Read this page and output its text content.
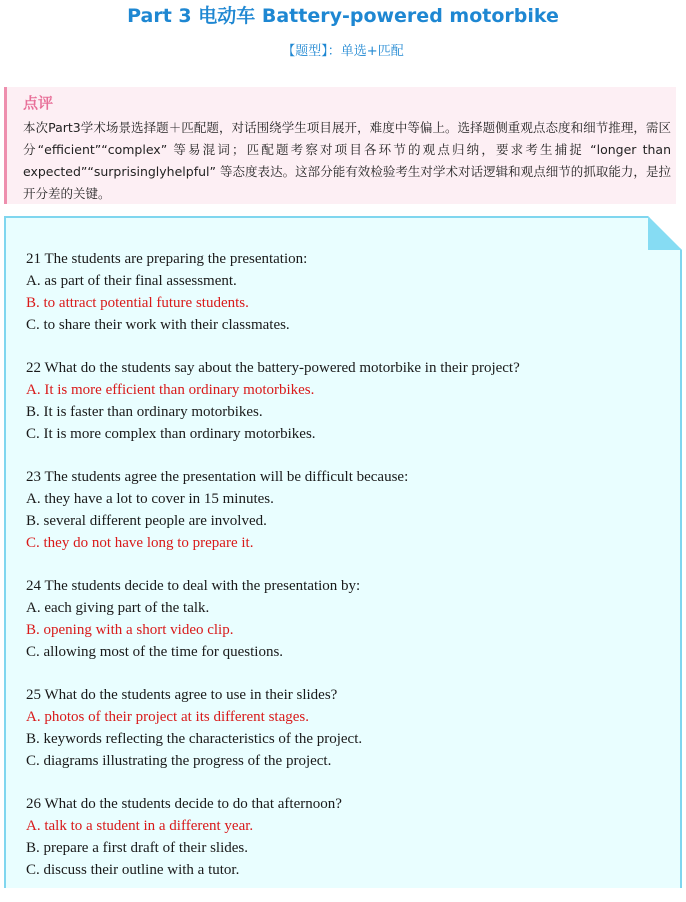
Part 3 电动车 Battery-powered motorbike
【题型】：单选+匹配
点评
本次Part3学术场景选择题＋匹配题，对话围绕学生项目展开，难度中等偏上。选择题侧重观点态度和细节推理，需区分“efficient”“complex” 等易混词；匹配题考察对项目各环节的观点归纳，要求考生捕捉 “longer than expected”“surprisinglyhelpful” 等态度表达。这部分能有效检验考生对学术对话逻辑和观点细节的抓取能力，是拉开分差的关键。
21 The students are preparing the presentation:
A. as part of their final assessment.
B. to attract potential future students.
C. to share their work with their classmates.
22 What do the students say about the battery-powered motorbike in their project?
A. It is more efficient than ordinary motorbikes.
B. It is faster than ordinary motorbikes.
C. It is more complex than ordinary motorbikes.
23 The students agree the presentation will be difficult because:
A. they have a lot to cover in 15 minutes.
B. several different people are involved.
C. they do not have long to prepare it.
24 The students decide to deal with the presentation by:
A. each giving part of the talk.
B. opening with a short video clip.
C. allowing most of the time for questions.
25 What do the students agree to use in their slides?
A. photos of their project at its different stages.
B. keywords reflecting the characteristics of the project.
C. diagrams illustrating the progress of the project.
26 What do the students decide to do that afternoon?
A. talk to a student in a different year.
B. prepare a first draft of their slides.
C. discuss their outline with a tutor.
